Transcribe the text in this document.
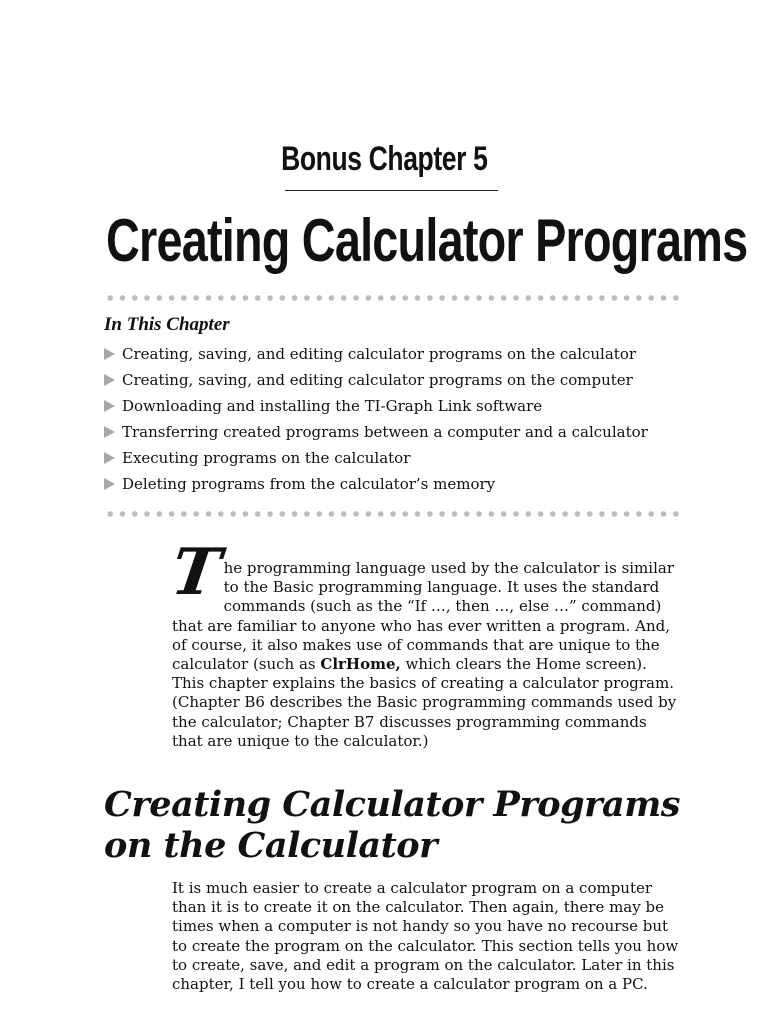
Bonus Chapter 5
Creating Calculator Programs
In This Chapter
Creating, saving, and editing calculator programs on the calculator
Creating, saving, and editing calculator programs on the computer
Downloading and installing the TI-Graph Link software
Transferring created programs between a computer and a calculator
Executing programs on the calculator
Deleting programs from the calculator’s memory
T

he programming language used by the calculator is similar to the Basic programming language. It uses the standard commands (such as the “If …, then …, else …” command) that are familiar to anyone who has ever written a program. And, of course, it also makes use of commands that are unique to the calculator (such as ClrHome, which clears the Home screen). This chapter explains the basics of creating a calculator program. (Chapter B6 describes the Basic programming commands used by the calculator; Chapter B7 discusses programming commands that are unique to the calculator.)

Creating Calculator Programs on the Calculator

It is much easier to create a calculator program on a computer than it is to create it on the calculator. Then again, there may be times when a computer is not handy so you have no recourse but to create the program on the calculator. This section tells you how to create, save, and edit a program on the calculator. Later in this chapter, I tell you how to create a calculator program on a PC.
